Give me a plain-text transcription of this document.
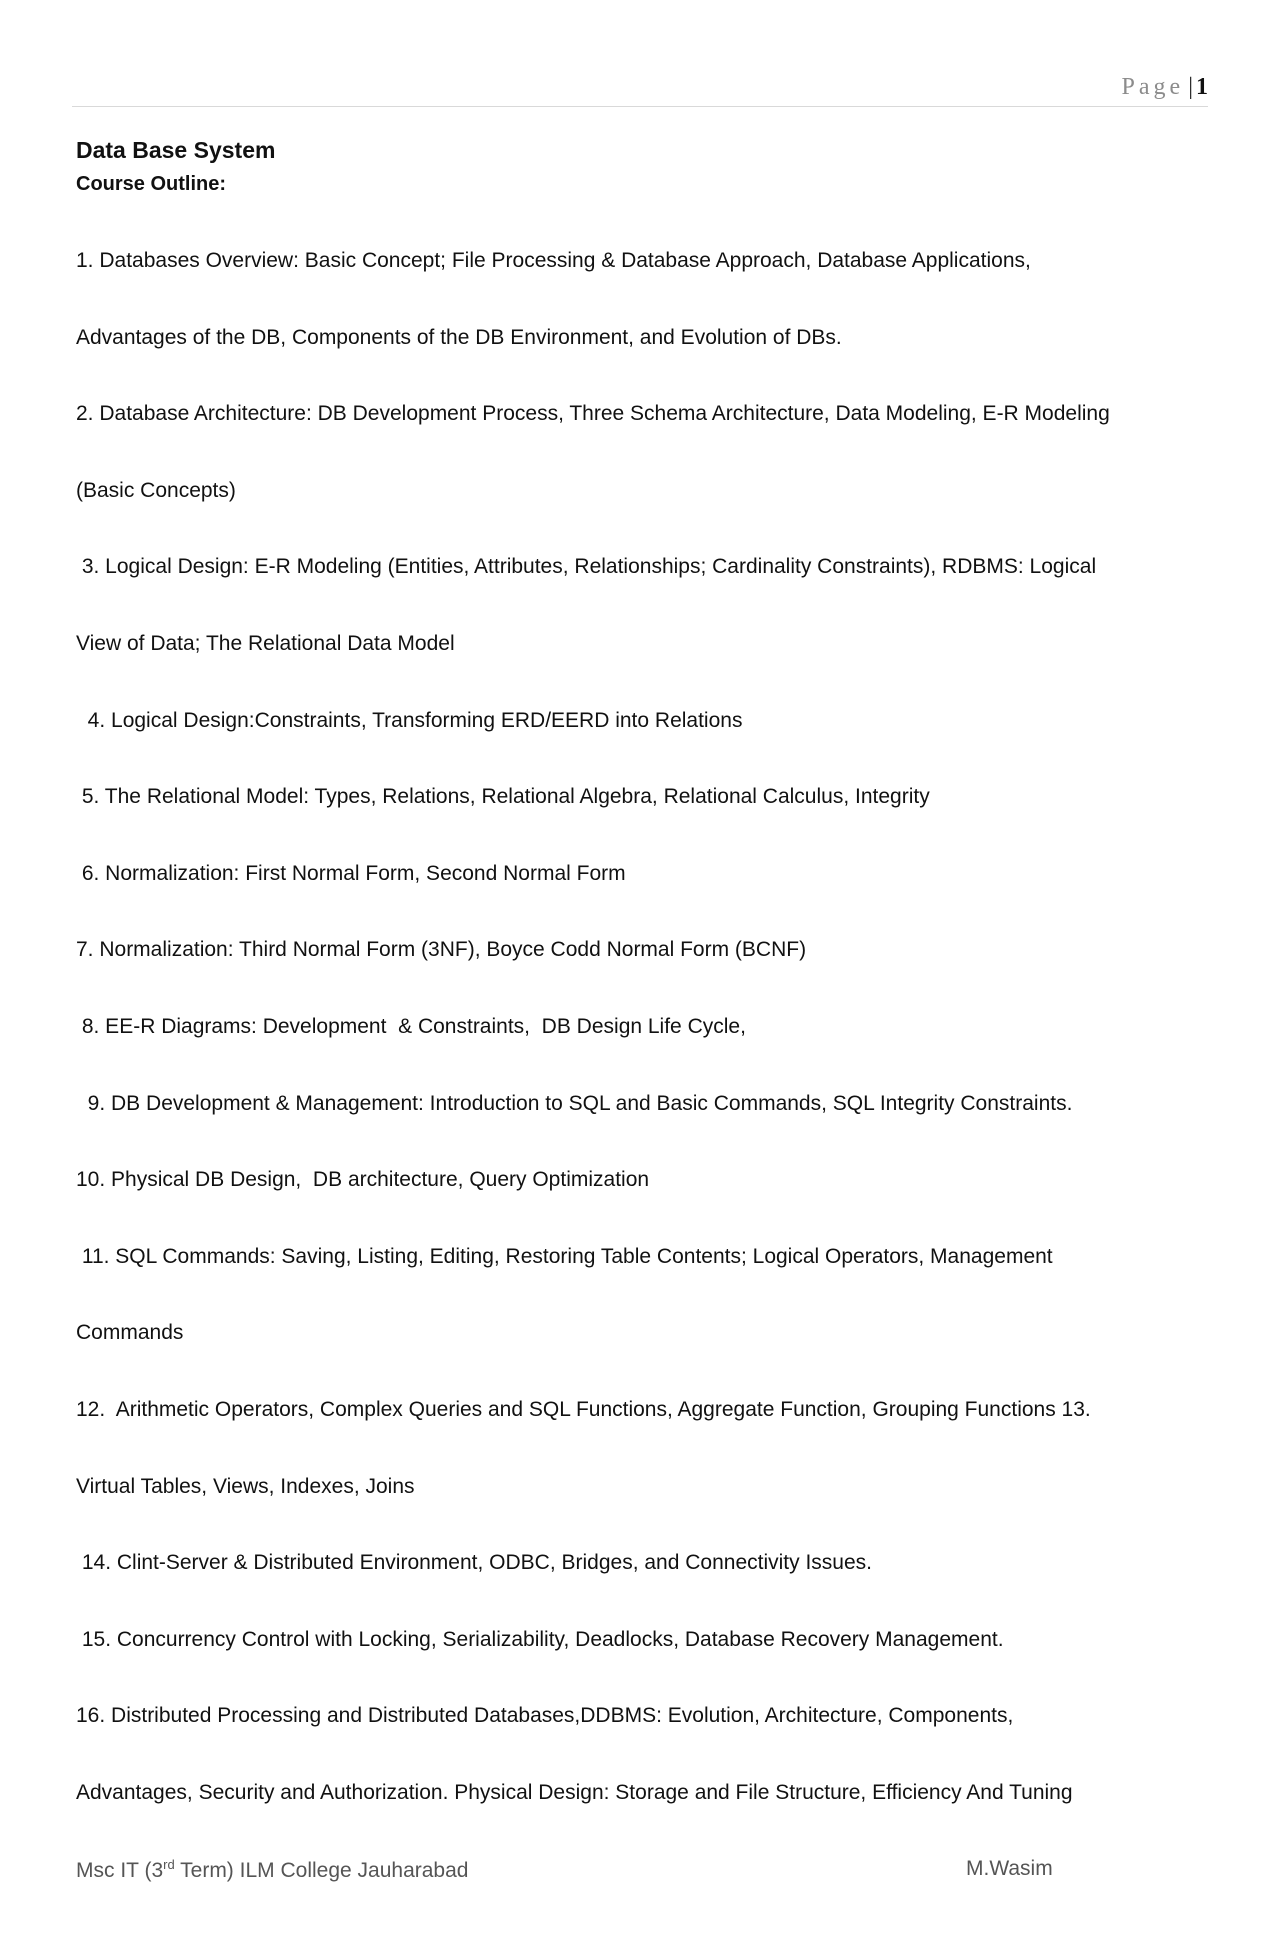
Page | 1
Data Base System
Course Outline:
1. Databases Overview: Basic Concept; File Processing & Database Approach, Database Applications,
Advantages of the DB, Components of the DB Environment, and Evolution of DBs.
2. Database Architecture: DB Development Process, Three Schema Architecture, Data Modeling, E-R Modeling
(Basic Concepts)
3. Logical Design: E-R Modeling (Entities, Attributes, Relationships; Cardinality Constraints), RDBMS: Logical
View of Data; The Relational Data Model
4. Logical Design:Constraints, Transforming ERD/EERD into Relations
5. The Relational Model: Types, Relations, Relational Algebra, Relational Calculus, Integrity
6. Normalization: First Normal Form, Second Normal Form
7. Normalization: Third Normal Form (3NF), Boyce Codd Normal Form (BCNF)
8. EE-R Diagrams: Development  & Constraints,  DB Design Life Cycle,
9. DB Development & Management: Introduction to SQL and Basic Commands, SQL Integrity Constraints.
10. Physical DB Design,  DB architecture, Query Optimization
11. SQL Commands: Saving, Listing, Editing, Restoring Table Contents; Logical Operators, Management
Commands
12.  Arithmetic Operators, Complex Queries and SQL Functions, Aggregate Function, Grouping Functions 13.
Virtual Tables, Views, Indexes, Joins
14. Clint-Server & Distributed Environment, ODBC, Bridges, and Connectivity Issues.
15. Concurrency Control with Locking, Serializability, Deadlocks, Database Recovery Management.
16. Distributed Processing and Distributed Databases,DDBMS: Evolution, Architecture, Components,
Advantages, Security and Authorization. Physical Design: Storage and File Structure, Efficiency And Tuning
Msc IT (3rd Term) ILM College Jauharabad	M.Wasim
